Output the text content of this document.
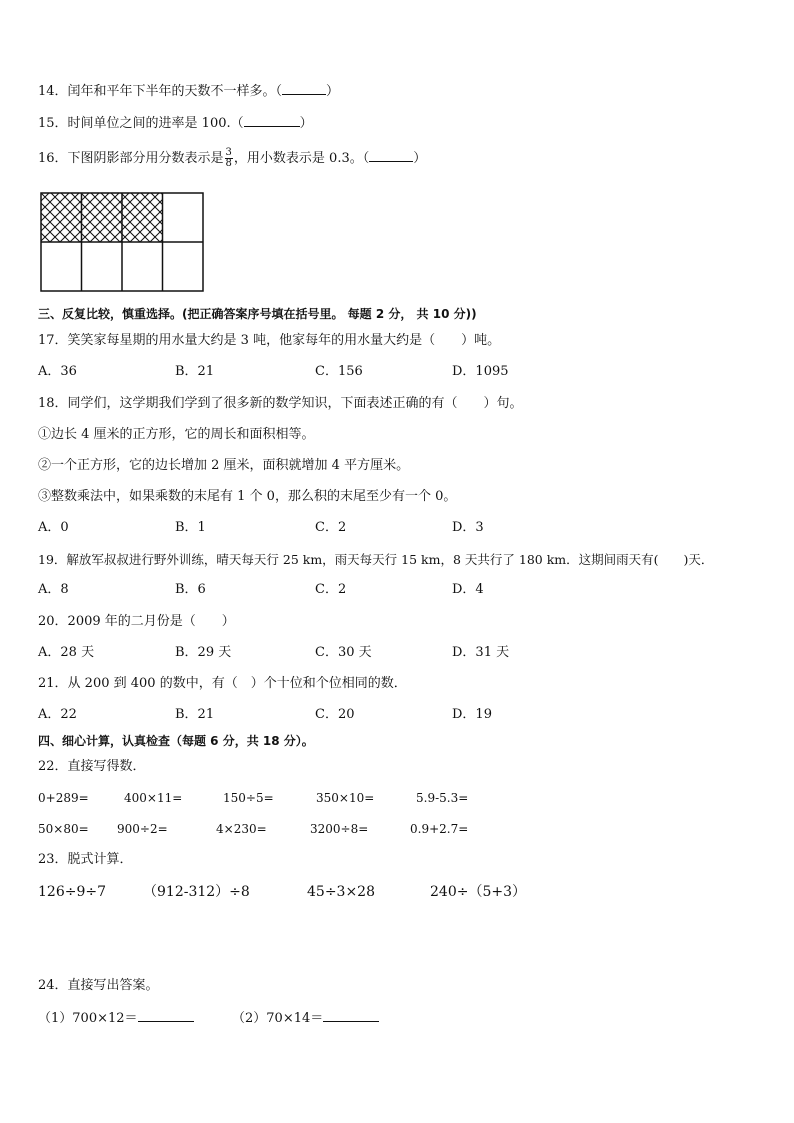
14．闰年和平年下半年的天数不一样多。（	）
15．时间单位之间的进率是 100.（	）
16．下图阴影部分用分数表示是 $\frac{3}{8}$ ，用小数表示是 0.3。（	）
三、反复比较，慎重选择。(把正确答案序号填在括号里。 每题 2 分， 共 10 分))
17．笑笑家每星期的用水量大约是 3 吨，他家每年的用水量大约是（　　）吨。
A．36	B．21	C．156	D．1095
18．同学们，这学期我们学到了很多新的数学知识，下面表述正确的有（　　）句。
①边长 4 厘米的正方形，它的周长和面积相等。
②一个正方形，它的边长增加 2 厘米，面积就增加 4 平方厘米。
③整数乘法中，如果乘数的末尾有 1 个 0，那么积的末尾至少有一个 0。
A．0	B．1	C．2	D．3
19．解放军叔叔进行野外训练，晴天每天行 25 km，雨天每天行 15 km，8 天共行了 180 km．这期间雨天有(　　)天．
A．8	B．6	C．2	D．4
20．2009 年的二月份是（　　）
A．28 天	B．29 天	C．30 天	D．31 天
21．从 200 到 400 的数中，有（　）个十位和个位相同的数．
A．22	B．21	C．20	D．19
四、细心计算，认真检查（每题 6 分，共 18 分）。
22．直接写得数．
0+289=	400×11=	150÷5=	350×10=	5.9-5.3=
50×80= 900÷2=	4×230=	3200÷8=	0.9+2.7=
23．脱式计算．
126÷9÷7	（912-312）÷8	45÷3×28	240÷（5+3）
24．直接写出答案。
（1）700×12＝	（2）70×14＝
